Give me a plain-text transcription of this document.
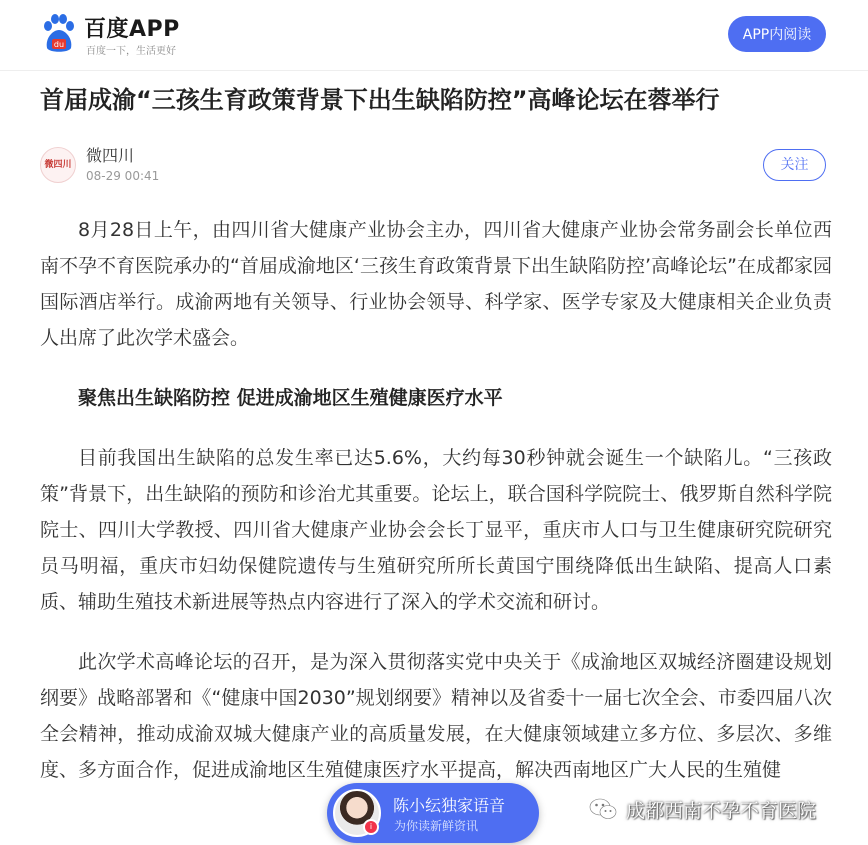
du
百度APP
百度一下，生活更好
APP内阅读
首届成渝“三孩生育政策背景下出生缺陷防控”高峰论坛在蓉举行
微四川 微四川
08-29 00:41
关注

8月28日上午，由四川省大健康产业协会主办，四川省大健康产业协会常务副会长单位西南不孕不育医院承办的“首届成渝地区‘三孩生育政策背景下出生缺陷防控’高峰论坛”在成都家园国际酒店举行。成渝两地有关领导、行业协会领导、科学家、医学专家及大健康相关企业负责人出席了此次学术盛会。

聚焦出生缺陷防控 促进成渝地区生殖健康医疗水平

目前我国出生缺陷的总发生率已达5.6%，大约每30秒钟就会诞生一个缺陷儿。“三孩政策”背景下，出生缺陷的预防和诊治尤其重要。论坛上，联合国科学院院士、俄罗斯自然科学院院士、四川大学教授、四川省大健康产业协会会长丁显平，重庆市人口与卫生健康研究院研究员马明福，重庆市妇幼保健院遗传与生殖研究所所长黄国宁围绕降低出生缺陷、提高人口素质、辅助生殖技术新进展等热点内容进行了深入的学术交流和研讨。

此次学术高峰论坛的召开，是为深入贯彻落实党中央关于《成渝地区双城经济圈建设规划纲要》战略部署和《“健康中国2030”规划纲要》精神以及省委十一届七次全会、市委四届八次全会精神，推动成渝双城大健康产业的高质量发展，在大健康领域建立多方位、多层次、多维度、多方面合作，促进成渝地区生殖健康医疗水平提高，解决西南地区广大人民的生殖健

i
陈小纭独家语音
为你读新鲜资讯
成都西南不孕不育医院
